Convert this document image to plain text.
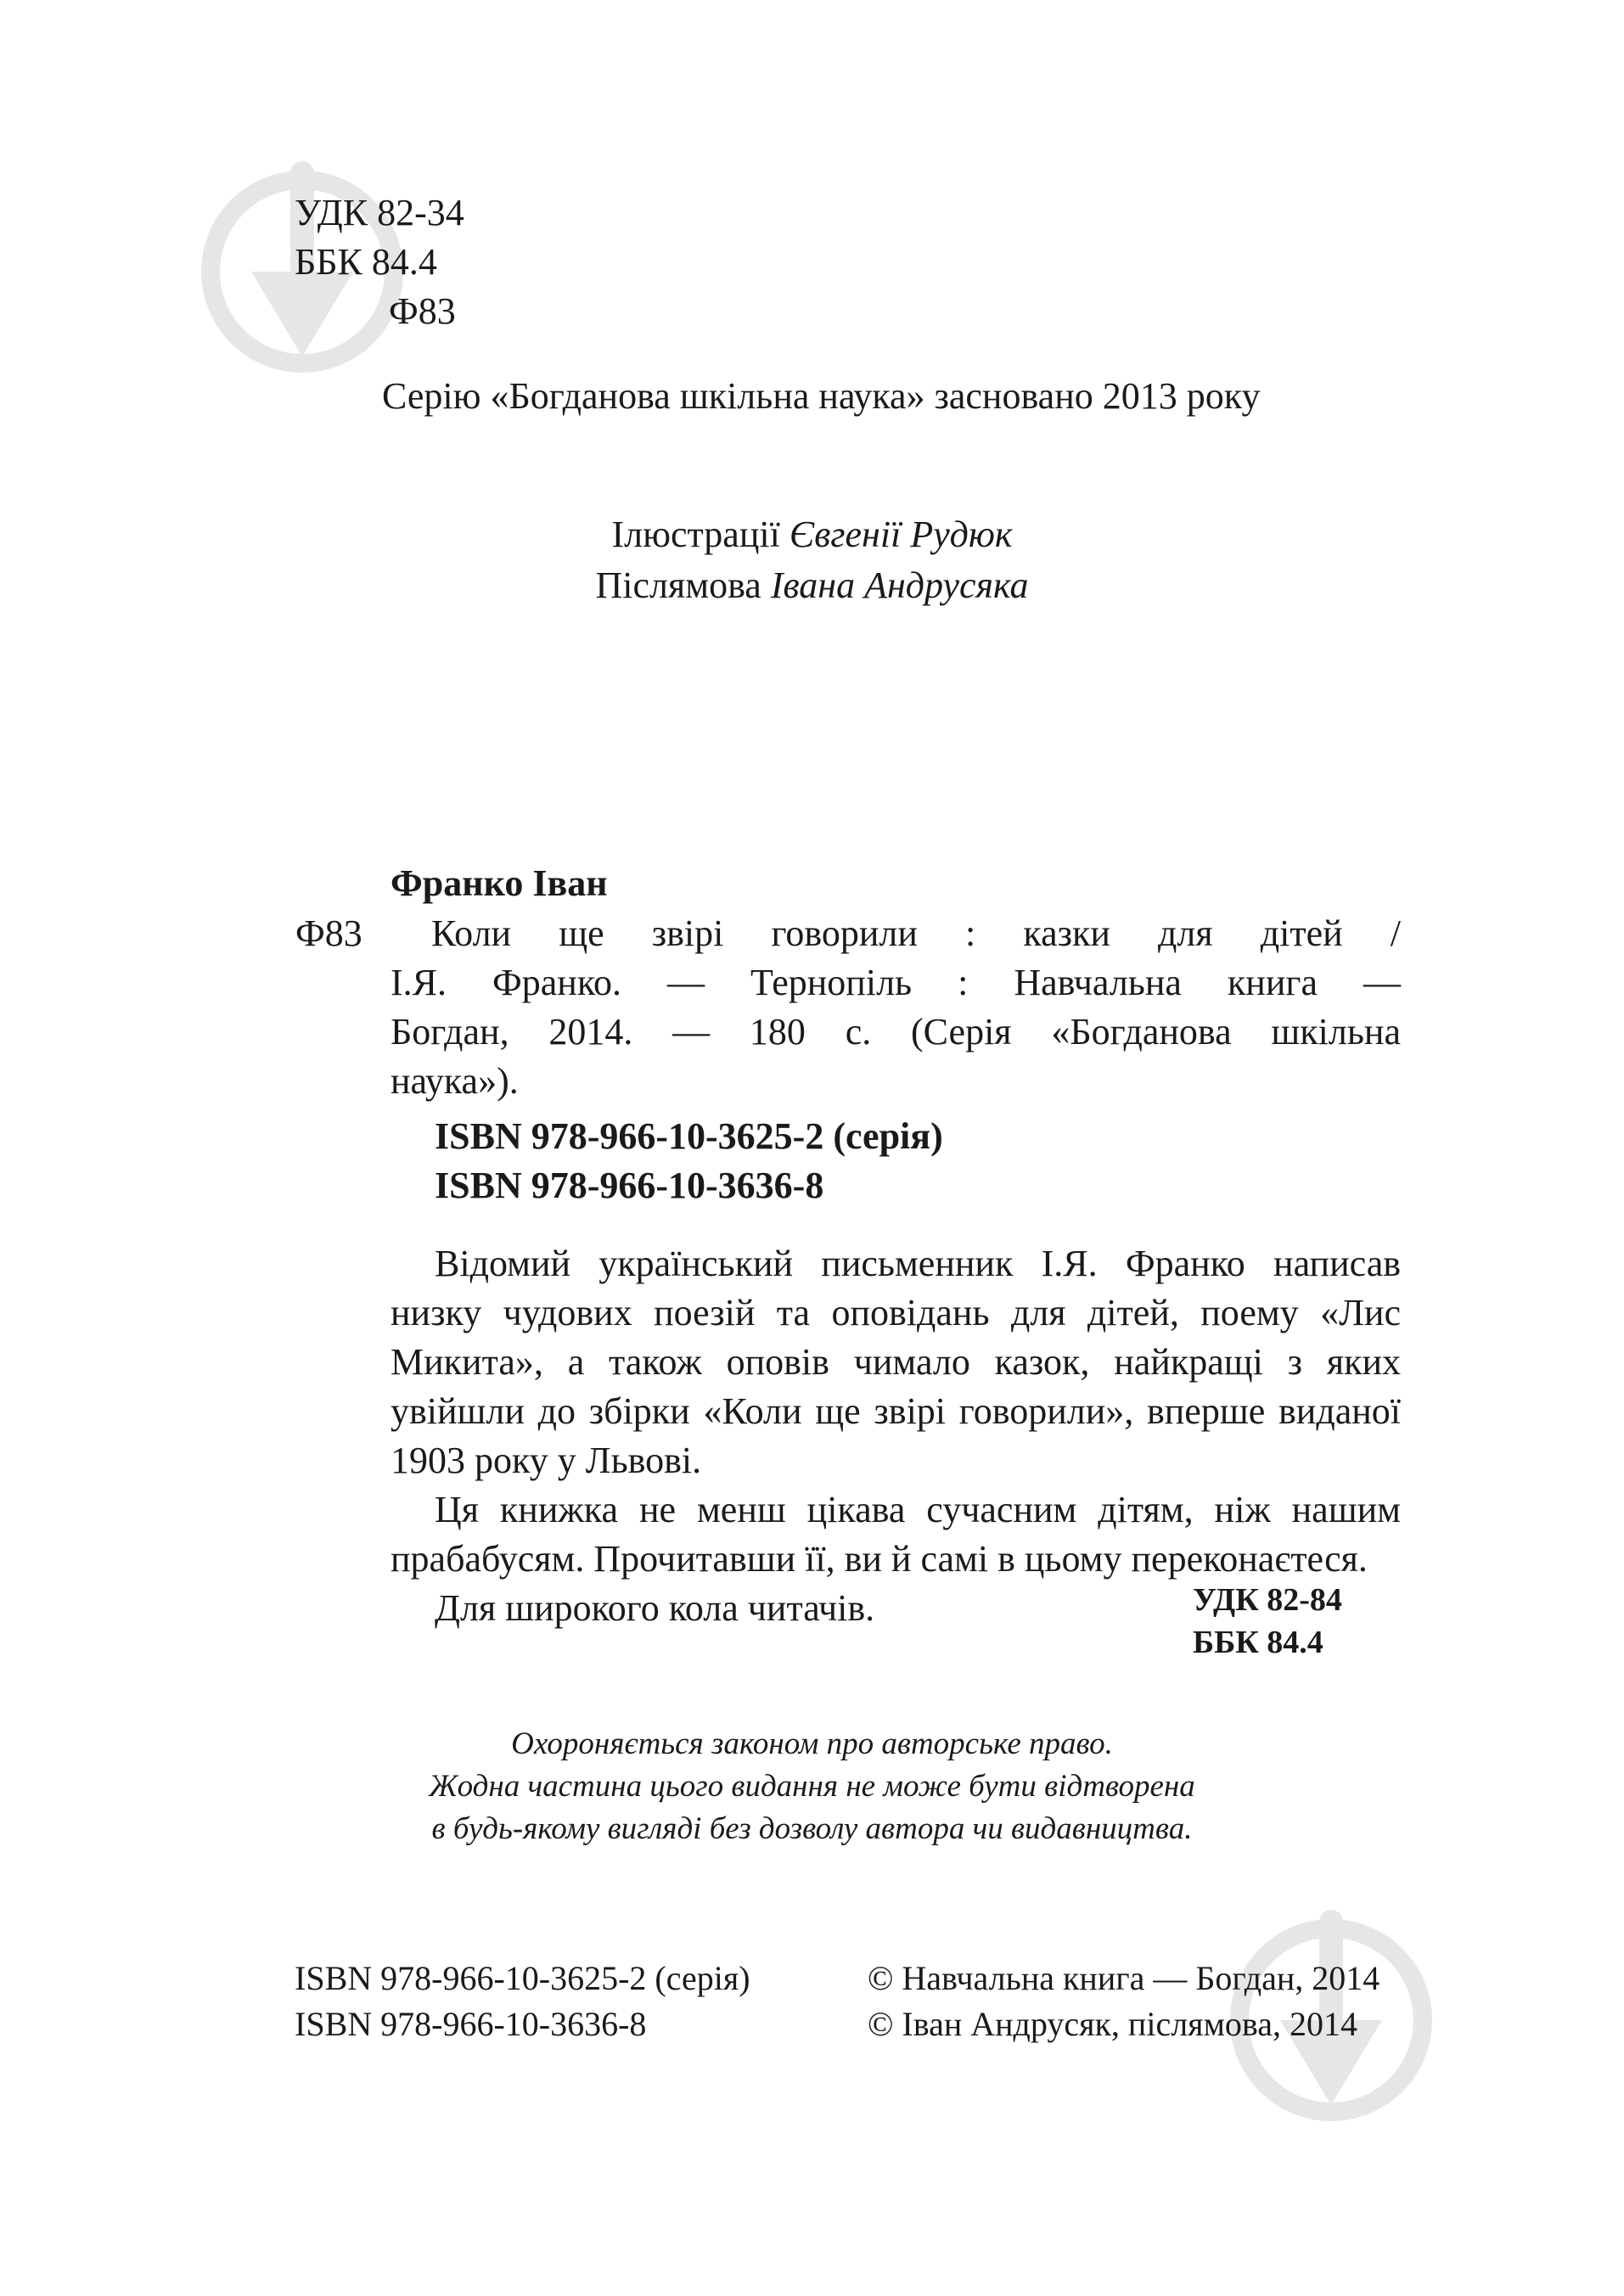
УДК 82-34
ББК 84.4
Ф83
Серію «Богданова шкільна наука» засновано 2013 року
Ілюстрації Євгенії Рудюк
Післямова Івана Андрусяка
Франко Іван
Ф83	Коли ще звірі говорили : казки для дітей /
І.Я. Франко. — Тернопіль : Навчальна книга —
Богдан, 2014. — 180 с. (Серія «Богданова шкільна
наука»).
ISBN 978-966-10-3625-2 (серія)
ISBN 978-966-10-3636-8

Відомий український письменник І.Я. Франко написав низку чудових поезій та оповідань для дітей, поему «Лис Микита», а також оповів чимало казок, найкращі з яких увійшли до збірки «Коли ще звірі говорили», вперше виданої 1903 року у Львові.

Ця книжка не менш цікава сучасним дітям, ніж нашим прабабусям. Прочитавши її, ви й самі в цьому переконаєтеся.

Для широкого кола читачів.	УДК 82-84
ББК 84.4
Охороняється законом про авторське право.
Жодна частина цього видання не може бути відтворена
в будь-якому вигляді без дозволу автора чи видавництва.
ISBN 978-966-10-3625-2 (серія)
ISBN 978-966-10-3636-8
© Навчальна книга — Богдан, 2014
© Іван Андрусяк, післямова, 2014
